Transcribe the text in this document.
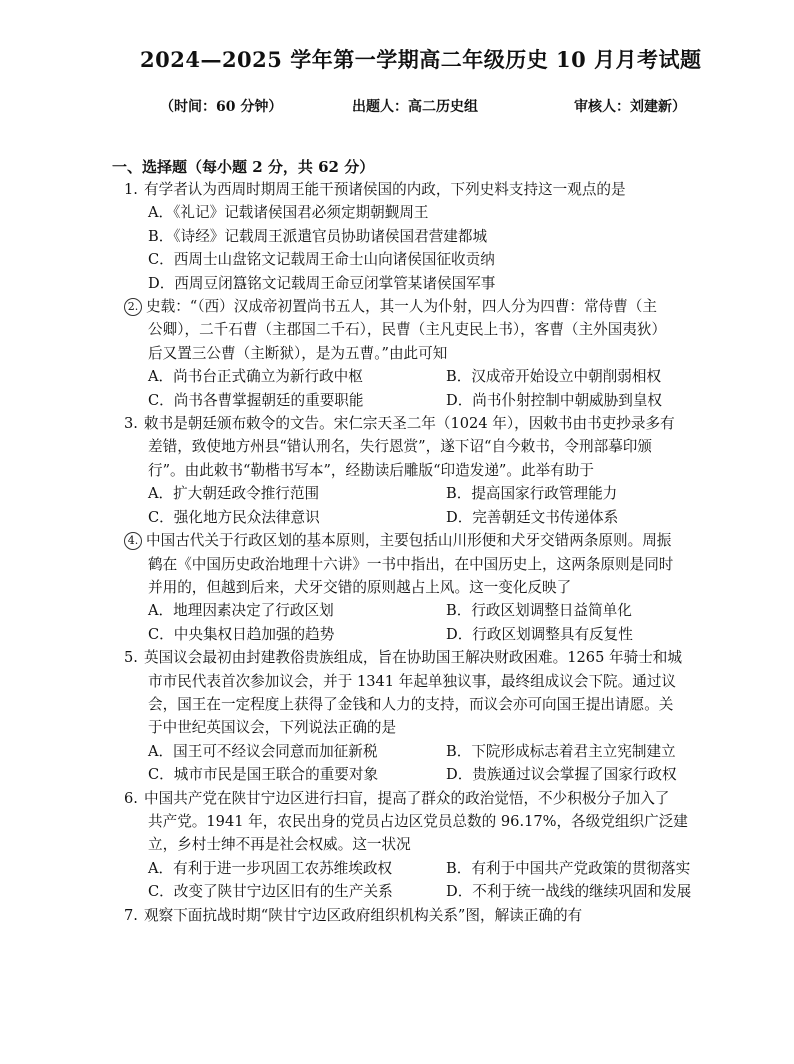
2024—2025 学年第一学期高二年级历史 10 月月考试题
（时间：60 分钟）	出题人：高二历史组	审核人：刘建新）
一、选择题（每小题 2 分，共 62 分）
1. 有学者认为西周时期周王能干预诸侯国的内政，下列史料支持这一观点的是
A．《礼记》记载诸侯国君必须定期朝觐周王
B．《诗经》记载周王派遣官员协助诸侯国君营建都城
C．西周士山盘铭文记载周王命士山向诸侯国征收贡纳
D．西周豆闭簋铭文记载周王命豆闭掌管某诸侯国军事
2. 史载：“（西）汉成帝初置尚书五人，其一人为仆射，四人分为四曹：常侍曹（主
公卿），二千石曹（主郡国二千石），民曹（主凡吏民上书），客曹（主外国夷狄）
后又置三公曹（主断狱），是为五曹。”由此可知
A．尚书台正式确立为新行政中枢	B．汉成帝开始设立中朝削弱相权
C．尚书各曹掌握朝廷的重要职能	D．尚书仆射控制中朝威胁到皇权
3. 敕书是朝廷颁布敕令的文告。宋仁宗天圣二年（1024 年），因敕书由书吏抄录多有
差错，致使地方州县“错认刑名，失行恩赏”，遂下诏“自今敕书，令刑部摹印颁
行”。由此敕书“勒楷书写本”，经勘读后雕版“印造发递”。此举有助于
A．扩大朝廷政令推行范围	B．提高国家行政管理能力
C．强化地方民众法律意识	D．完善朝廷文书传递体系
4. 中国古代关于行政区划的基本原则，主要包括山川形便和犬牙交错两条原则。周振
鹤在《中国历史政治地理十六讲》一书中指出，在中国历史上，这两条原则是同时
并用的，但越到后来，犬牙交错的原则越占上风。这一变化反映了
A．地理因素决定了行政区划	B．行政区划调整日益简单化
C．中央集权日趋加强的趋势	D．行政区划调整具有反复性
5. 英国议会最初由封建教俗贵族组成，旨在协助国王解决财政困难。1265 年骑士和城
市市民代表首次参加议会，并于 1341 年起单独议事，最终组成议会下院。通过议
会，国王在一定程度上获得了金钱和人力的支持，而议会亦可向国王提出请愿。关
于中世纪英国议会，下列说法正确的是
A．国王可不经议会同意而加征新税	B．下院形成标志着君主立宪制建立
C．城市市民是国王联合的重要对象	D．贵族通过议会掌握了国家行政权
6. 中国共产党在陕甘宁边区进行扫盲，提高了群众的政治觉悟，不少积极分子加入了
共产党。1941 年，农民出身的党员占边区党员总数的 96.17%，各级党组织广泛建
立，乡村士绅不再是社会权威。这一状况
A．有利于进一步巩固工农苏维埃政权	B．有利于中国共产党政策的贯彻落实
C．改变了陕甘宁边区旧有的生产关系	D．不利于统一战线的继续巩固和发展
7. 观察下面抗战时期“陕甘宁边区政府组织机构关系”图，解读正确的有
